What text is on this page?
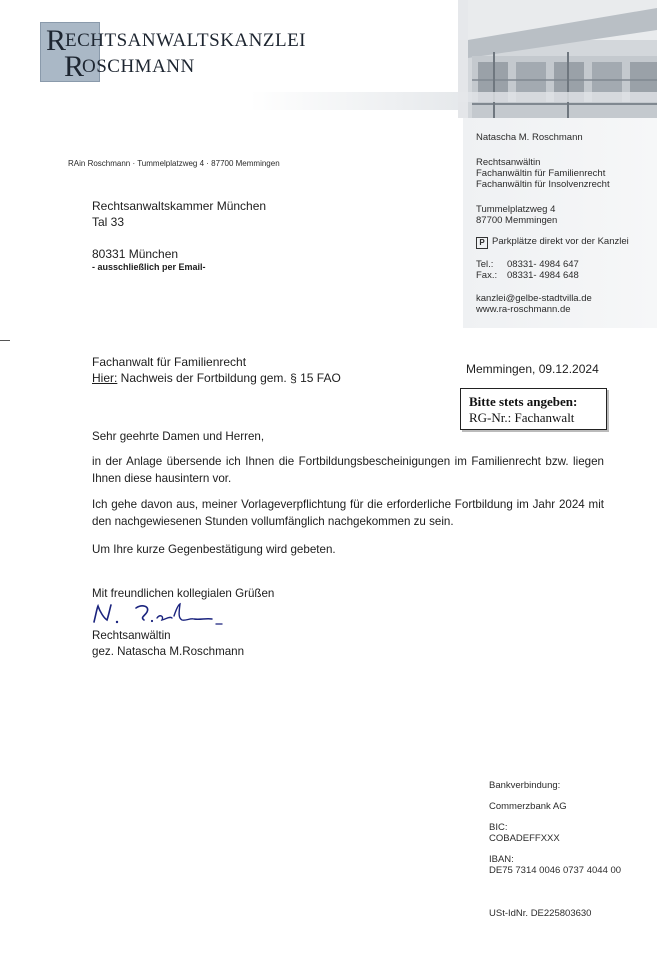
R
ECHTSANWALTSKANZLEI
R
OSCHMANN
RAin Roschmann · Tummelplatzweg 4 · 87700 Memmingen
Rechtsanwaltskammer München
Tal 33
80331 München
- ausschließlich per Email-
Natascha M. Roschmann
Rechtsanwältin
Fachanwältin für Familienrecht
Fachanwältin für Insolvenzrecht
Tummelplatzweg 4
87700 Memmingen
P Parkplätze direkt vor der Kanzlei
Tel.: 08331- 4984 647
Fax.: 08331- 4984 648
kanzlei@gelbe-stadtvilla.de
www.ra-roschmann.de
Fachanwalt für Familienrecht
Hier: Nachweis der Fortbildung gem. § 15 FAO
Memmingen, 09.12.2024
Bitte stets angeben:
RG-Nr.: Fachanwalt
Sehr geehrte Damen und Herren,
in der Anlage übersende ich Ihnen die Fortbildungsbescheinigungen im Familienrecht bzw. liegen Ihnen diese hausintern vor.
Ich gehe davon aus, meiner Vorlageverpflichtung für die erforderliche Fortbildung im Jahr 2024 mit den nachgewiesenen Stunden vollumfänglich nachgekommen zu sein.
Um Ihre kurze Gegenbestätigung wird gebeten.
Mit freundlichen kollegialen Grüßen
Rechtsanwältin
gez. Natascha M.Roschmann
Bankverbindung:
Commerzbank AG
BIC:
COBADEFFXXX
IBAN:
DE75 7314 0046 0737 4044 00
USt-IdNr. DE225803630
